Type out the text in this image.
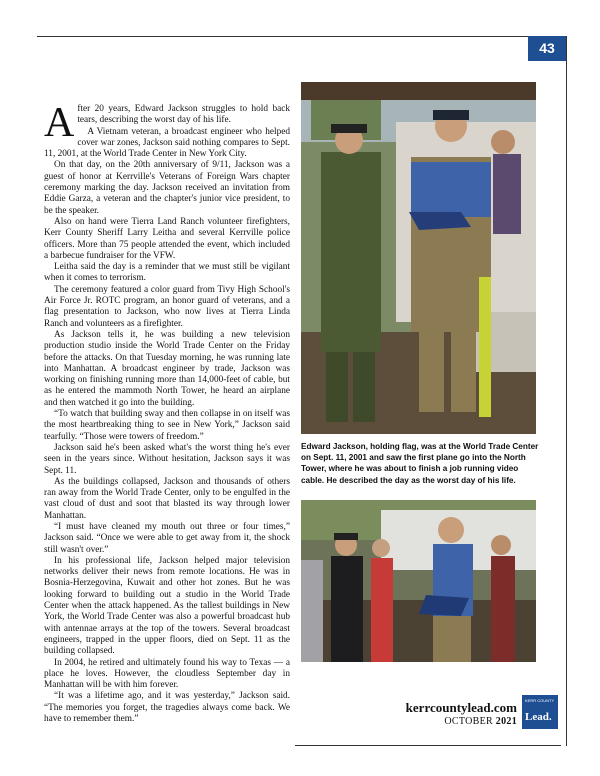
43
A fter 20 years, Edward Jackson struggles to hold back tears, describing the worst day of his life.

A Vietnam veteran, a broadcast engineer who helped cover war zones, Jackson said nothing compares to Sept. 11, 2001, at the World Trade Center in New York City.

On that day, on the 20th anniversary of 9/11, Jackson was a guest of honor at Kerrville's Veterans of Foreign Wars chapter ceremony marking the day. Jackson received an invitation from Eddie Garza, a veteran and the chapter's junior vice president, to be the speaker.

Also on hand were Tierra Land Ranch volunteer firefighters, Kerr County Sheriff Larry Leitha and several Kerrville police officers. More than 75 people attended the event, which included a barbecue fundraiser for the VFW.

Leitha said the day is a reminder that we must still be vigilant when it comes to terrorism.

The ceremony featured a color guard from Tivy High School's Air Force Jr. ROTC program, an honor guard of veterans, and a flag presentation to Jackson, who now lives at Tierra Linda Ranch and volunteers as a firefighter.

As Jackson tells it, he was building a new television production studio inside the World Trade Center on the Friday before the attacks. On that Tuesday morning, he was running late into Manhattan. A broadcast engineer by trade, Jackson was working on finishing running more than 14,000-feet of cable, but as he entered the mammoth North Tower, he heard an airplane and then watched it go into the building.

“To watch that building sway and then collapse in on itself was the most heartbreaking thing to see in New York,” Jackson said tearfully. “Those were towers of freedom.”

Jackson said he's been asked what's the worst thing he's ever seen in the years since. Without hesitation, Jackson says it was Sept. 11.

As the buildings collapsed, Jackson and thousands of others ran away from the World Trade Center, only to be engulfed in the vast cloud of dust and soot that blasted its way through lower Manhattan.

“I must have cleaned my mouth out three or four times,” Jackson said. “Once we were able to get away from it, the shock still wasn't over.”

In his professional life, Jackson helped major television networks deliver their news from remote locations. He was in Bosnia-Herzegovina, Kuwait and other hot zones. But he was looking forward to building out a studio in the World Trade Center when the attack happened. As the tallest buildings in New York, the World Trade Center was also a powerful broadcast hub with antennae arrays at the top of the towers. Several broadcast engineers, trapped in the upper floors, died on Sept. 11 as the building collapsed.

In 2004, he retired and ultimately found his way to Texas — a place he loves. However, the cloudless September day in Manhattan will be with him forever.

“It was a lifetime ago, and it was yesterday,” Jackson said. “The memories you forget, the tragedies always come back. We have to remember them.”

Edward Jackson, holding flag, was at the World Trade Center on Sept. 11, 2001 and saw the first plane go into the North Tower, where he was about to finish a job running video cable. He described the day as the worst day of his life.
kerrcountylead.com
OCTOBER 2021
KERR COUNTY
Lead.
